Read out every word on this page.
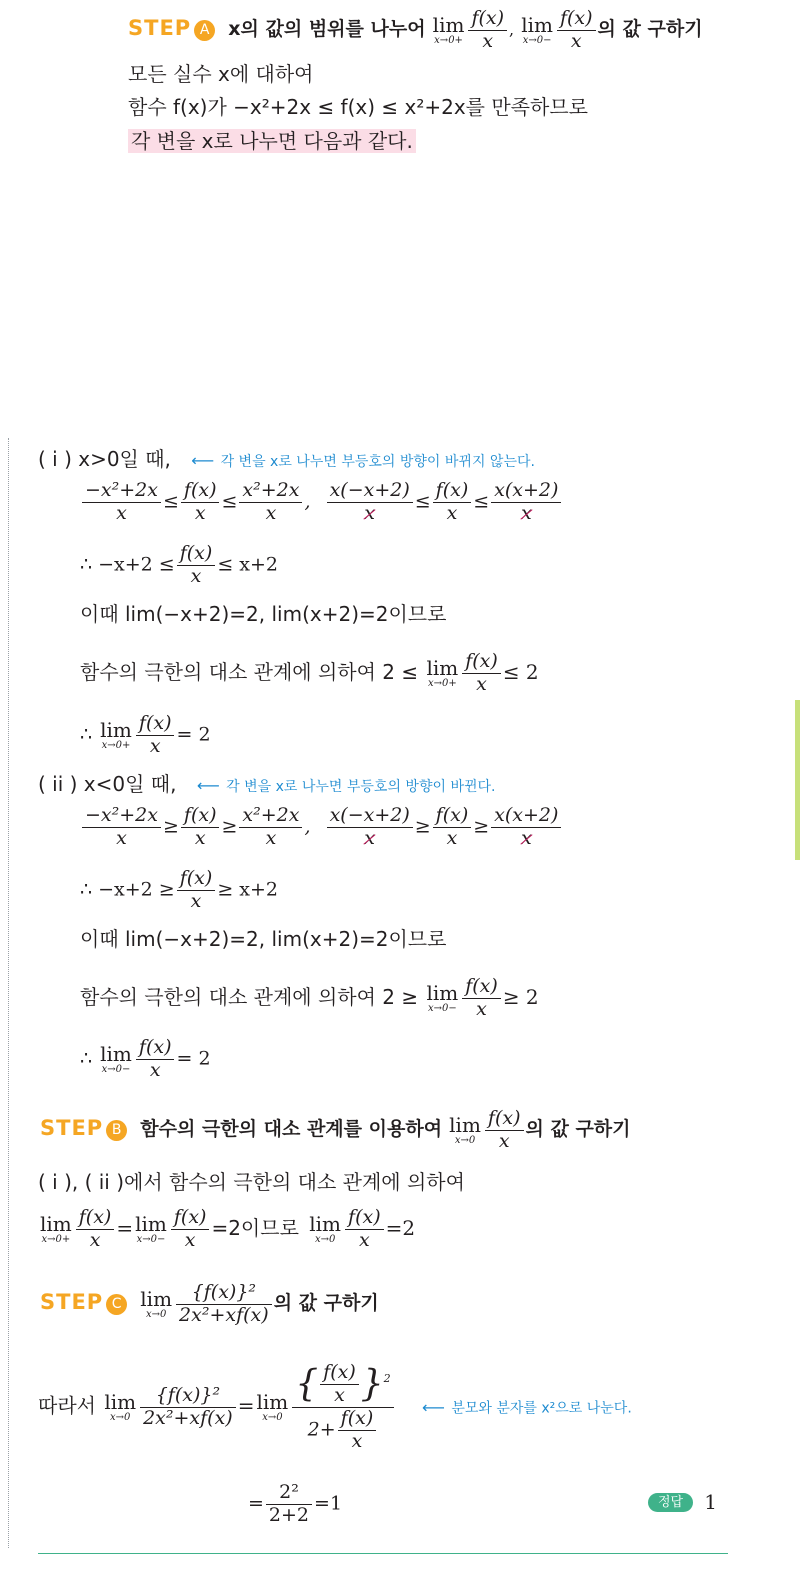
STEP A x의 값의 범위를 나누어 lim
$x\to 0+ \frac{f(x)}{x}$ , lim
$x\to 0- \frac{f(x)}{x}$ 의 값 구하기
모든 실수 x에 대하여
함수 f(x)가 −x²+2x ≤ f(x) ≤ x²+2x를 만족하므로
각 변을 x로 나누면 다음과 같다.
( i ) x>0일 때, ⟵ 각 변을 x로 나누면 부등호의 방향이 바뀌지 않는다.
$\frac{\text{−x²+2x}}{x} \le \frac{f(x)}{x} \le \frac{\text{x²+2x}}{x}$ , $\frac{x(-x+2)}{x} \le \frac{f(x)}{x} \le \frac{x(x+2)}{x}$
∴ $-x+2 \le \frac{f(x)}{x} \le x+2$
이때 lim(−x+2)=2, lim(x+2)=2이므로
함수의 극한의 대소 관계에 의하여 2 ≤ lim
$x\to 0+ \frac{f(x)}{x} \le 2$
∴ lim
$x\to 0+ \frac{f(x)}{x} = 2$
( ii ) x<0일 때, ⟵ 각 변을 x로 나누면 부등호의 방향이 바뀐다.
$\frac{\text{−x²+2x}}{x} \ge \frac{f(x)}{x} \ge \frac{\text{x²+2x}}{x}$ , $\frac{x(-x+2)}{x} \ge \frac{f(x)}{x} \ge \frac{x(x+2)}{x}$
∴ $-x+2 \ge \frac{f(x)}{x} \ge x+2$
이때 lim(−x+2)=2, lim(x+2)=2이므로
함수의 극한의 대소 관계에 의하여 2 ≥ lim
$x\to 0- \frac{f(x)}{x} \ge 2$
∴ lim
$x\to 0- \frac{f(x)}{x} = 2$
STEP B 함수의 극한의 대소 관계를 이용하여 lim
$x\to 0 \frac{f(x)}{x}$ 의 값 구하기
( i ), ( ii )에서 함수의 극한의 대소 관계에 의하여
lim
$x\to 0+ \frac{f(x)}{x} = \lim$
$x\to 0- \frac{f(x)}{x} =2$이므로 lim
$x\to 0 \frac{f(x)}{x} =2$
STEP C lim
$x\to 0 \frac{\text{\{f(x)\}²}}{\text{2x²+xf(x)}}$ 의 값 구하기
따라서 lim
$x\to 0 \frac{\text{\{f(x)\}²}}{\text{2x²+xf(x)}} = \lim$
$x\to 0 \frac{\{ \frac{f(x)}{x} \}^2}{2+ \frac{f(x)}{x}}$ ⟵ 분모와 분자를 x²으로 나눈다.
= $\frac{\text{2²}}{2+2} =1$	정답 1
